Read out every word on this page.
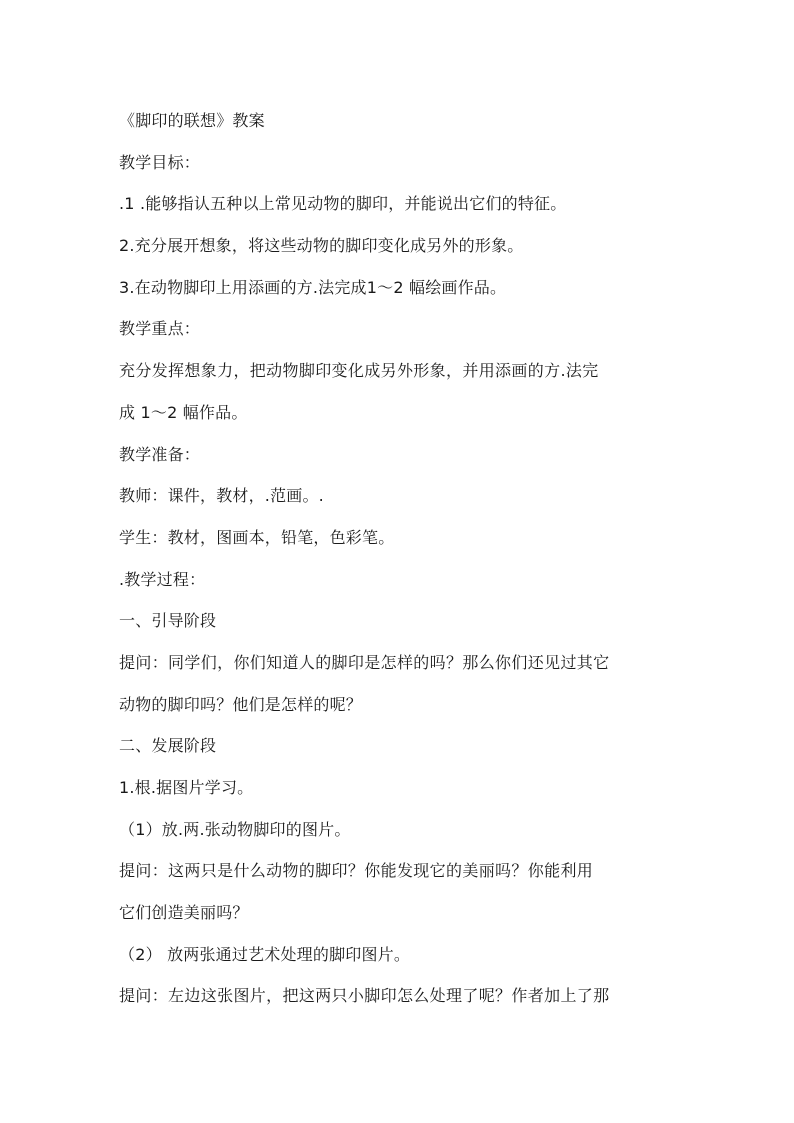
《脚印的联想》教案
教学目标：
.1 .能够指认五种以上常见动物的脚印，并能说出它们的特征。
2.充分展开想象，将这些动物的脚印变化成另外的形象。
3.在动物脚印上用添画的方.法完成1～2 幅绘画作品。
教学重点：
充分发挥想象力，把动物脚印变化成另外形象，并用添画的方.法完
成 1～2 幅作品。
教学准备：
教师：课件，教材，.范画。.
学生：教材，图画本，铅笔，色彩笔。
.教学过程：
一、引导阶段
提问：同学们，你们知道人的脚印是怎样的吗？那么你们还见过其它
动物的脚印吗？他们是怎样的呢？
二、发展阶段
1.根.据图片学习。
（1）放.两.张动物脚印的图片。
提问：这两只是什么动物的脚印？你能发现它的美丽吗？你能利用
它们创造美丽吗？
（2） 放两张通过艺术处理的脚印图片。
提问：左边这张图片，把这两只小脚印怎么处理了呢？作者加上了那
